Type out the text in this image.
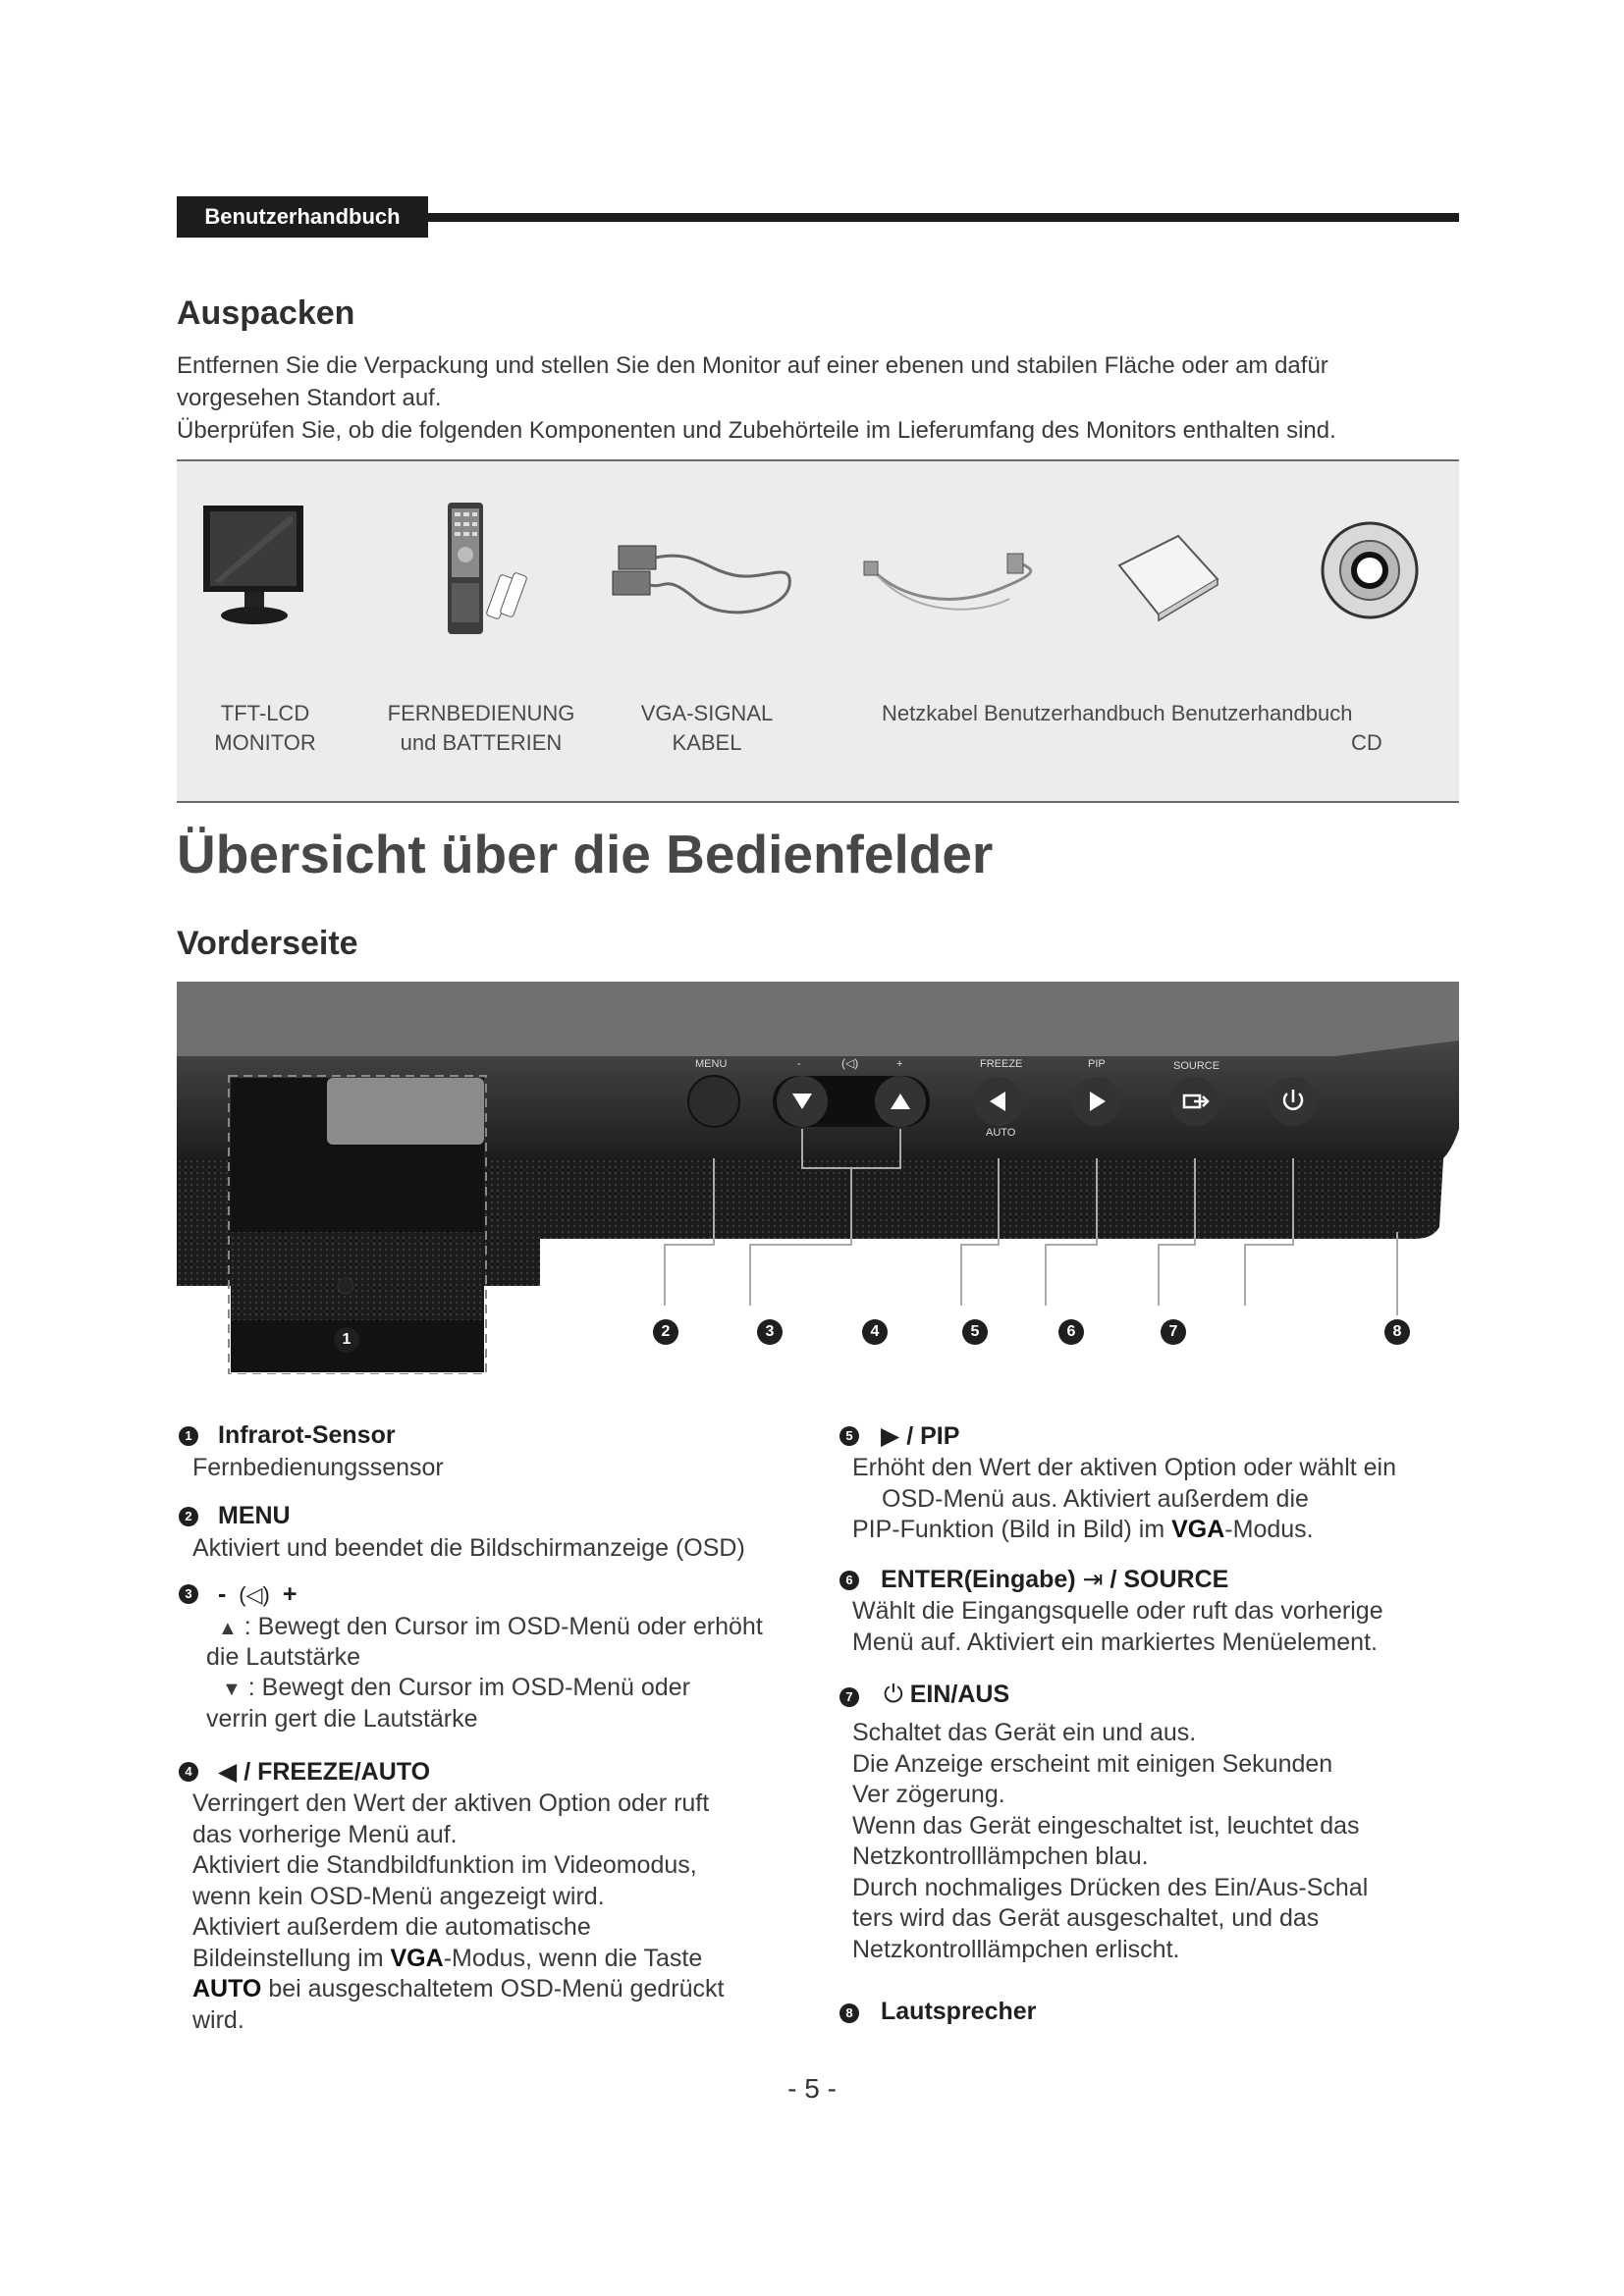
Benutzerhandbuch
Auspacken
Entfernen Sie die Verpackung und stellen Sie den Monitor auf einer ebenen und stabilen Fläche oder am dafür
vorgesehen Standort auf.
Überprüfen Sie, ob die folgenden Komponenten und Zubehörteile im Lieferumfang des Monitors enthalten sind.
TFT-LCD
MONITOR
FERNBEDIENUNG
und BATTERIEN
VGA-SIGNAL
KABEL
Netzkabel Benutzerhandbuch Benutzerhandbuch
CD
Übersicht über die Bedienfelder
Vorderseite
MENU	-	(◁)	+	FREEZE	PIP	SOURCE
AUTO
1	2	3	4	5	6	7	8
1 Infrarot-Sensor
Fernbedienungssensor
2 MENU
Aktiviert und beendet die Bildschirmanzeige (OSD)
3 - (◁) +
▲ : Bewegt den Cursor im OSD-Menü oder erhöht
die Lautstärke
▼ : Bewegt den Cursor im OSD-Menü oder
verrin gert die Lautstärke
4 ◀ / FREEZE/AUTO
Verringert den Wert der aktiven Option oder ruft
das vorherige Menü auf.
Aktiviert die Standbildfunktion im Videomodus,
wenn kein OSD-Menü angezeigt wird.
Aktiviert außerdem die automatische
Bildeinstellung im VGA-Modus, wenn die Taste
AUTO bei ausgeschaltetem OSD-Menü gedrückt
wird.
5 ▶ / PIP
Erhöht den Wert der aktiven Option oder wählt ein
OSD-Menü aus. Aktiviert außerdem die
PIP-Funktion (Bild in Bild) im VGA-Modus.
6 ENTER(Eingabe) ⇥ / SOURCE
Wählt die Eingangsquelle oder ruft das vorherige
Menü auf. Aktiviert ein markiertes Menüelement.
7 ⏻ EIN/AUS
Schaltet das Gerät ein und aus.
Die Anzeige erscheint mit einigen Sekunden
Ver zögerung.
Wenn das Gerät eingeschaltet ist, leuchtet das
Netzkontrolllämpchen blau.
Durch nochmaliges Drücken des Ein/Aus-Schal
ters wird das Gerät ausgeschaltet, und das
Netzkontrolllämpchen erlischt.
8 Lautsprecher
- 5 -
